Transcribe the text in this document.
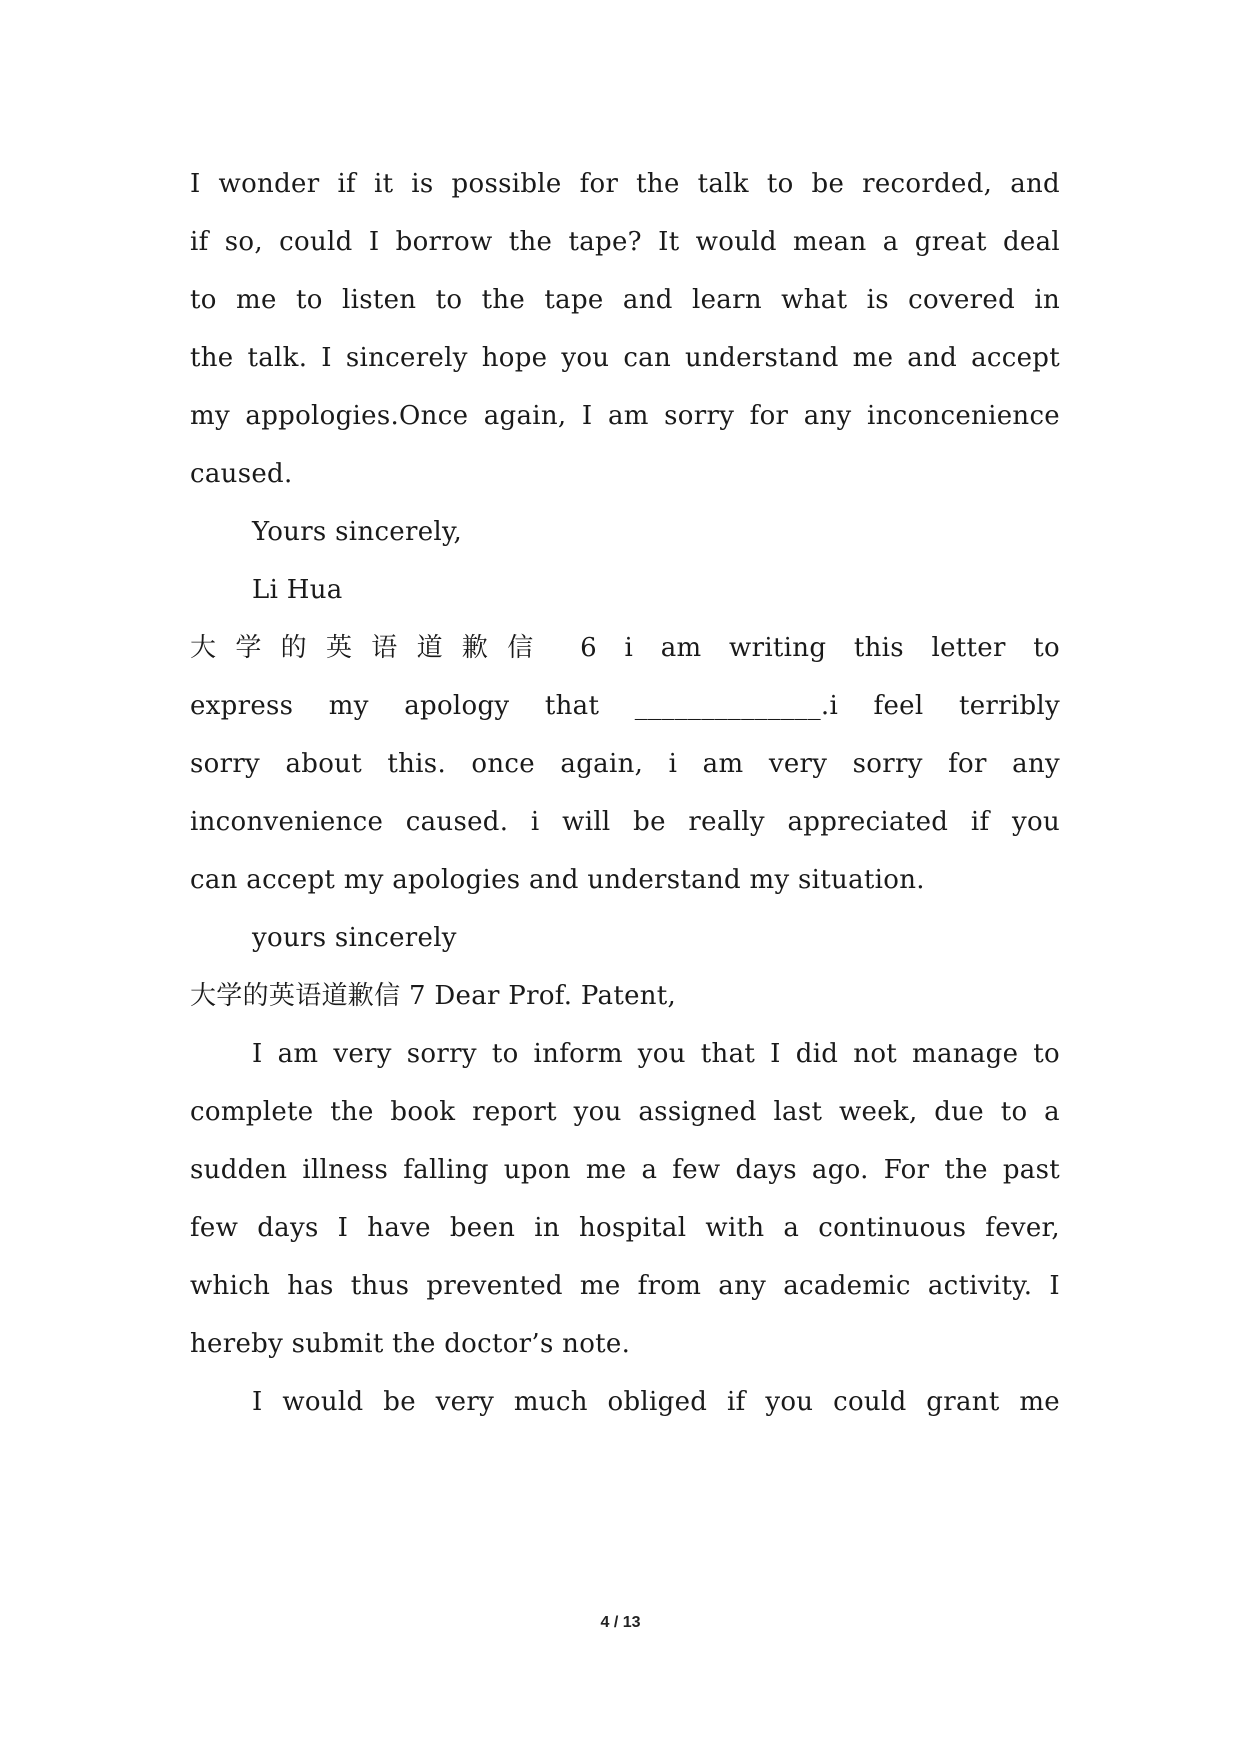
I wonder if it is possible for the talk to be recorded, and
if so, could I borrow the tape? It would mean a great deal
to me to listen to the tape and learn what is covered in
the talk. I sincerely hope you can understand me and accept
my appologies.Once again, I am sorry for any inconcenience
caused.
Yours sincerely,
Li Hua
大学的英语道歉信 6 i am writing this letter to
express my apology that ______________.i feel terribly
sorry about this. once again, i am very sorry for any
inconvenience caused. i will be really appreciated if you
can accept my apologies and understand my situation.
yours sincerely
大学的英语道歉信 7 Dear Prof. Patent,
I am very sorry to inform you that I did not manage to
complete the book report you assigned last week, due to a
sudden illness falling upon me a few days ago. For the past
few days I have been in hospital with a continuous fever,
which has thus prevented me from any academic activity. I
hereby submit the doctor’s note.
I would be very much obliged if you could grant me
4 / 13
